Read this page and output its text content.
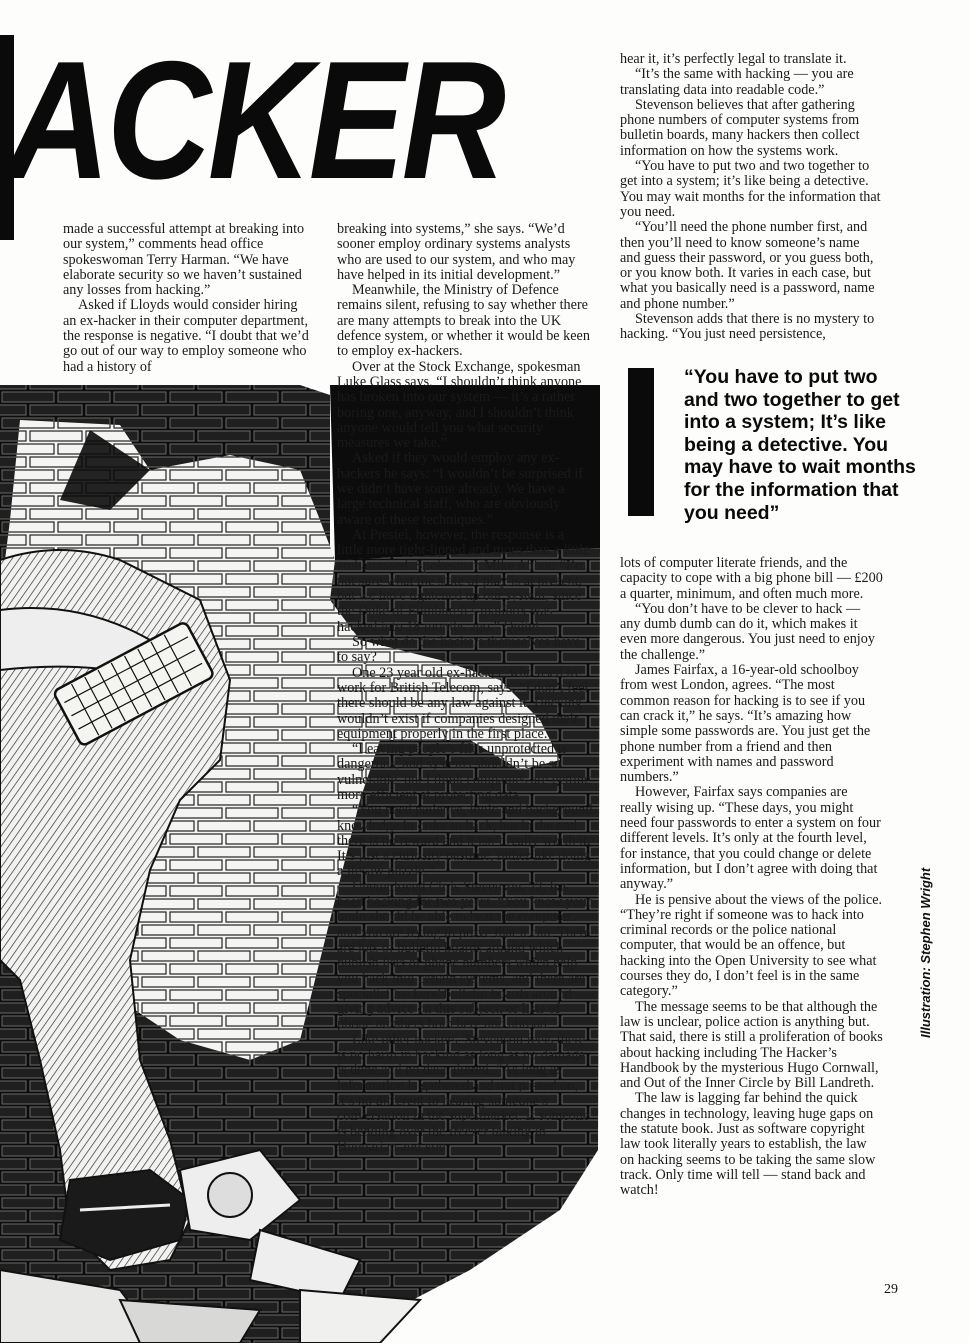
ACKER

made a successful attempt at breaking into our system,” comments head office spokeswoman Terry Harman. “We have elaborate security so we haven’t sustained any losses from hacking.”

Asked if Lloyds would consider hiring an ex-hacker in their computer department, the response is negative. “I doubt that we’d go out of our way to employ someone who had a history of

breaking into systems,” she says. “We’d sooner employ ordinary systems analysts who are used to our system, and who may have helped in its initial development.”

Meanwhile, the Ministry of Defence remains silent, refusing to say whether there are many attempts to break into the UK defence system, or whether it would be keen to employ ex-hackers.

Over at the Stock Exchange, spokesman Luke Glass says, “I shouldn’t think anyone has broken into our system — it’s a rather boring one, anyway, and I shouldn’t think anyone would tell you what security measures we take.”

Asked if they would employ any ex-hackers he says: “I wouldn’t be surprised if we didn’t have some already. We have a large technical staff, who are obviously aware of these techniques.”

At Prestel, however, the response is a little more tight-lipped and more than a little embarrassed. Spokesman Mike Abbot: “I’m not sure what the state of play is at present, but we have tightened up our system, since the Duke of Edinburgh’s mailbox was hacked into 18 months ago.” Quite!

So what do the hackers themselves have to say?

One 23 year old ex-hacker, who used to work for British Telecom, says: “I don’t feel there should be any law against it. Hacking wouldn’t exist if companies designed their equipment properly in the first place.

“Leaving people’s files unprotected is dangerous, and systems shouldn’t be so vulnerable, but I think companies are getting more efficient at protecting data.

“You need patience, logic and background knowledge in order to hack, but in the end there is no reward and it isn’t really worth it. It’s just a curiosity pastime, rather like doing a jigsaw puzzle.”

Unemployed Chris Stevenson, 22, has been hacking for two years. “You know your brain should be able to beat the computer and you are trying to prove that it can. There are lots of bulletin boards around which publish lists of phone numbers which help you hack into certain systems, and there are specialist hackers’ bulletin boards around giving advice on this subject, or lists of phone numbers both here and abroad.”

Like other hackers, Stevenson feels there is no harm in hacking as long as no damage is done and no data altered. “As long as information is gathered and not passed on, it’s no different to hearing someone’s conversation in the supermarket. If someone is bending over the freezer talking in Hungarian and you

hear it, it’s perfectly legal to translate it.

“It’s the same with hacking — you are translating data into readable code.”

Stevenson believes that after gathering phone numbers of computer systems from bulletin boards, many hackers then collect information on how the systems work.

“You have to put two and two together to get into a system; it’s like being a detective. You may wait months for the information that you need.

“You’ll need the phone number first, and then you’ll need to know someone’s name and guess their password, or you guess both, or you know both. It varies in each case, but what you basically need is a password, name and phone number.”

Stevenson adds that there is no mystery to hacking. “You just need persistence,

“You have to put two and two together to get into a system; It’s like being a detective. You may have to wait months for the information that you need”

lots of computer literate friends, and the capacity to cope with a big phone bill — £200 a quarter, minimum, and often much more.

“You don’t have to be clever to hack — any dumb dumb can do it, which makes it even more dangerous. You just need to enjoy the challenge.”

James Fairfax, a 16-year-old schoolboy from west London, agrees. “The most common reason for hacking is to see if you can crack it,” he says. “It’s amazing how simple some passwords are. You just get the phone number from a friend and then experiment with names and password numbers.”

However, Fairfax says companies are really wising up. “These days, you might need four passwords to enter a system on four different levels. It’s only at the fourth level, for instance, that you could change or delete information, but I don’t agree with doing that anyway.”

He is pensive about the views of the police. “They’re right if someone was to hack into criminal records or the police national computer, that would be an offence, but hacking into the Open University to see what courses they do, I don’t feel is in the same category.”

The message seems to be that although the law is unclear, police action is anything but. That said, there is still a proliferation of books about hacking including The Hacker’s Handbook by the mysterious Hugo Cornwall, and Out of the Inner Circle by Bill Landreth.

The law is lagging far behind the quick changes in technology, leaving huge gaps on the statute book. Just as software copyright law took literally years to establish, the law on hacking seems to be taking the same slow track. Only time will tell — stand back and watch!

Illustration: Stephen Wright
29
